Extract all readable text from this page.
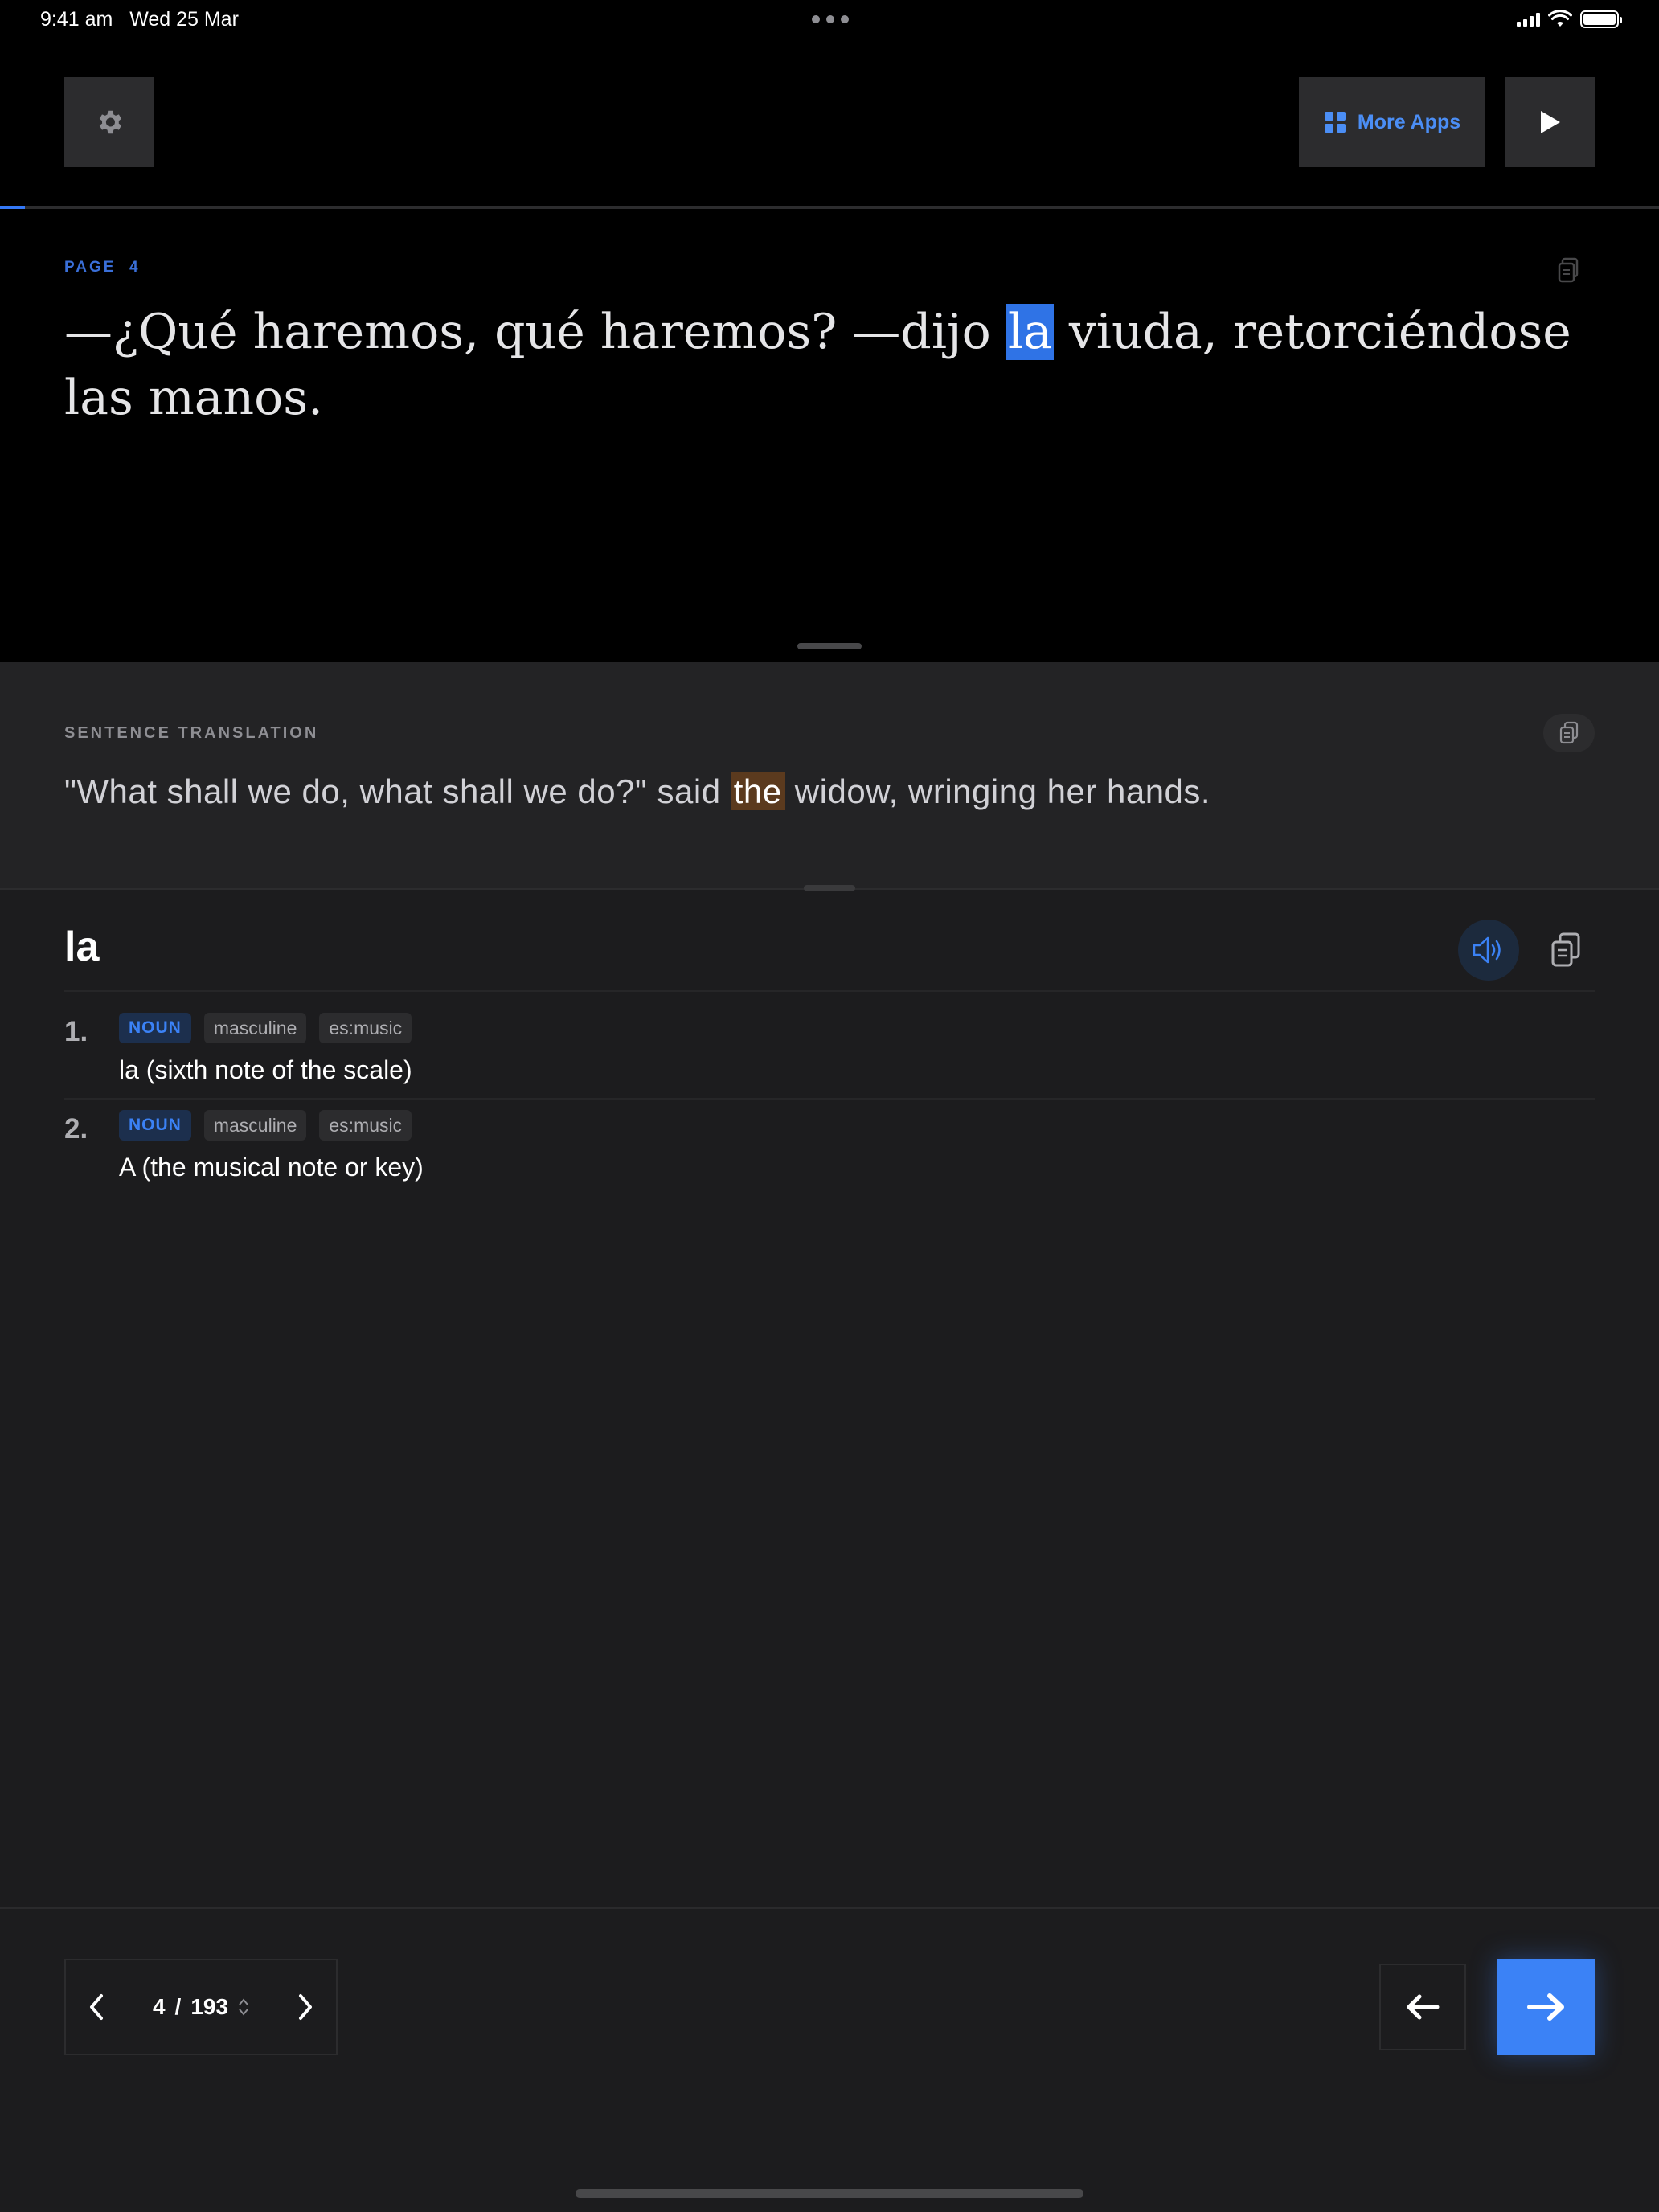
9:41 am Wed 25 Mar
More Apps
PAGE 4
—¿Qué haremos, qué haremos? —dijo la viuda, retorciéndose las manos.
SENTENCE TRANSLATION
"What shall we do, what shall we do?" said the widow, wringing her hands.
la
1.	NOUN	masculine	es:music
la (sixth note of the scale)
2.	NOUN	masculine	es:music
A (the musical note or key)
4 / 193
